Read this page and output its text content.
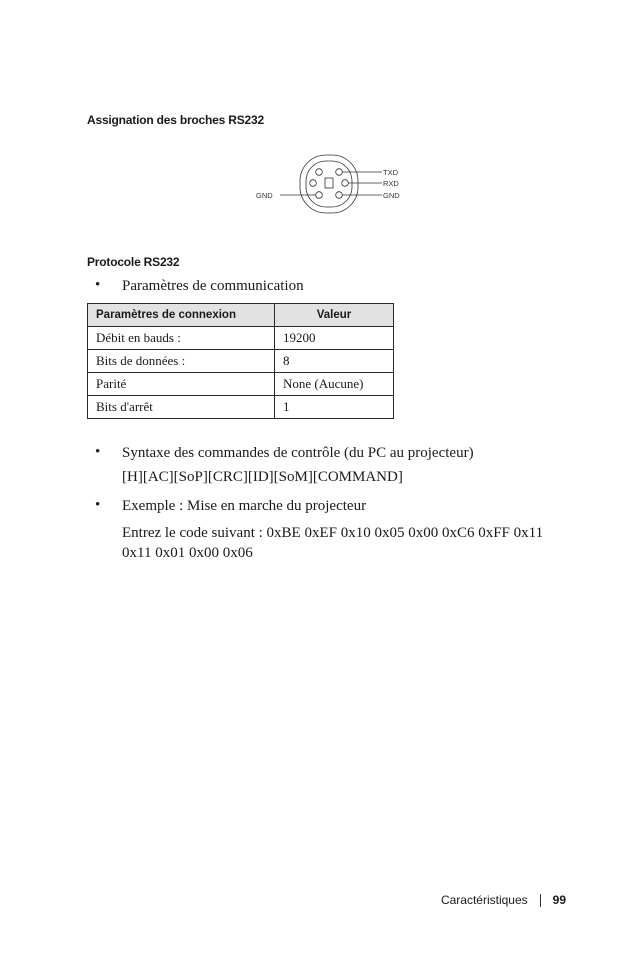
Assignation des broches RS232
TXD
RXD
GND
GND
Protocole RS232
• Paramètres de communication
Paramètres de connexion	Valeur
Débit en bauds :	19200
Bits de données :	8
Parité	None (Aucune)
Bits d'arrêt	1
• Syntaxe des commandes de contrôle (du PC au projecteur)
[H][AC][SoP][CRC][ID][SoM][COMMAND]
• Exemple : Mise en marche du projecteur
Entrez le code suivant : 0xBE 0xEF 0x10 0x05 0x00 0xC6 0xFF 0x11
0x11 0x01 0x00 0x06
Caractéristiques 99
